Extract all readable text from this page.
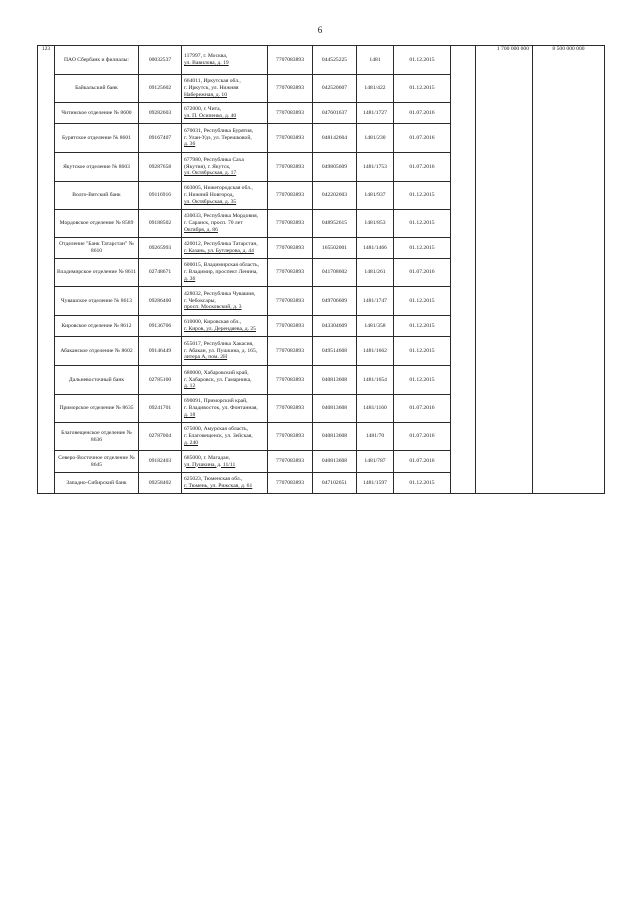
6
123	ПАО Сбербанк и филиалы:	00032537	117997, г. Москва,
ул. Вавилова, д. 19	7707083893	044525225	1481	01.12.2015		1 700 000 000	8 500 000 000
	Байкальский банк	09125602	664011, Иркутская обл.,
г. Иркутск, ул. Нижняя
Набережная, д. 10	7707083893	042520607	1481/422	01.12.2015			
	Читинское отделение № 8600	09282603	672000, г. Чита,
ул. П. Осипенко, д. 40	7707083893	047601637	1481/1727	01.07.2016			
	Бурятское отделение № 8601	09167407	670031, Республика Бурятия,
г. Улан-Удэ, ул. Терешковой,
д. 36	7707083893	048142604	1481/230	01.07.2016			
	Якутское отделение № 8603	09287658	677980, Республика Саха
(Якутия), г. Якутск,
ул. Октябрьская, д. 17	7707083893	049805609	1481/1753	01.07.2016			
	Волго-Вятский банк	09116916	603005, Нижегородская обл.,
г. Нижний Новгород,
ул. Октябрьская, д. 35	7707083893	042202603	1481/937	01.12.2015			
	Мордовское отделение № 8589	09188502	430033, Республика Мордовия,
г. Саранск, просп. 70 лет
Октября, д. 86	7707083893	048952615	1481/853	01.12.2015			
	Отделение "Банк Татарстан" № 8610	09265993	420012, Республика Татарстан,
г. Казань, ул. Бутлерова, д. 44	7707083893	165502001	1481/1466	01.12.2015			
	Владимирское отделение № 8611	02748671	600015, Владимирская область,
г. Владимир, проспект Ленина,
д. 36	7707083893	041708602	1481/261	01.07.2016			
	Чувашское отделение № 8613	09286400	428032, Республика Чувашия,
г. Чебоксары,
просп. Московский, д. 3	7707083893	049706609	1481/1747	01.12.2015			
	Кировское отделение № 8612	09136706	610000, Кировская обл.,
г. Киров, ул. Дерендяева, д. 25	7707083893	043304609	1481/358	01.12.2015			
	Абаканское отделение № 8602	09146449	655017, Республика Хакасия,
г. Абакан, ул. Пушкина, д. 165,
литера А, пом. 2Н	7707083893	049514608	1481/1662	01.12.2015			
	Дальневосточный банк	02785100	680000, Хабаровский край,
г. Хабаровск, ул. Гамарника,
д. 12	7707083893	040813608	1481/1654	01.12.2015			
	Приморское отделение № 8635	09241701	690091, Приморский край,
г. Владивосток, ул. Фонтанная,
д. 18	7707083893	040813608	1481/1160	01.07.2016			
	Благовещенское отделение № 8636	02787004	675000, Амурская область,
г. Благовещенск, ул. Зейская,
д. 240	7707083893	040813608	1481/70	01.07.2016			
	Северо-Восточное отделение № 8645	09182403	685000, г. Магадан,
ул. Пушкина, д. 11/11	7707083893	040813608	1481/787	01.07.2016			
	Западно-Сибирский банк	09258402	625023, Тюменская обл.,
г. Тюмень, ул. Рижская, д. 61	7707083893	047102651	1481/1597	01.12.2015			
